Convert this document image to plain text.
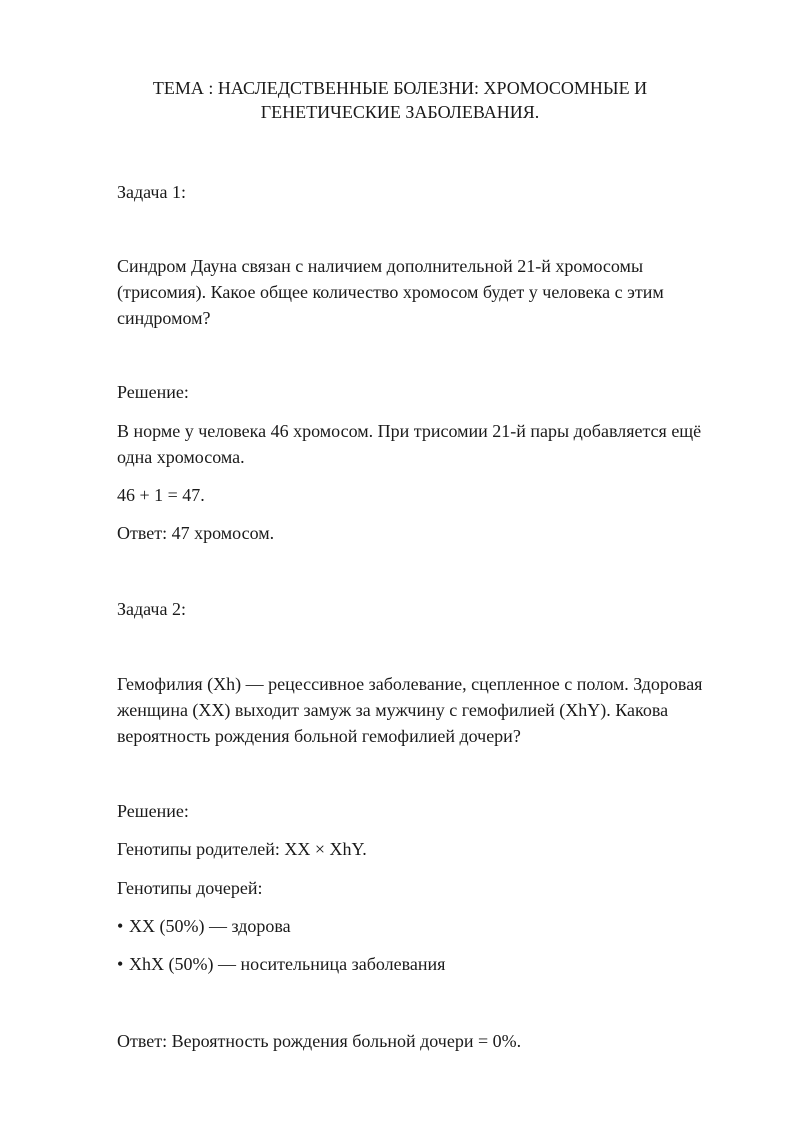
ТЕМА : НАСЛЕДСТВЕННЫЕ БОЛЕЗНИ: ХРОМОСОМНЫЕ И
ГЕНЕТИЧЕСКИЕ ЗАБОЛЕВАНИЯ.
Задача 1:
Синдром Дауна связан с наличием дополнительной 21-й хромосомы
(трисомия). Какое общее количество хромосом будет у человека с этим
синдромом?
Решение:
В норме у человека 46 хромосом. При трисомии 21-й пары добавляется ещё
одна хромосома.
46 + 1 = 47.
Ответ: 47 хромосом.
Задача 2:
Гемофилия (Xh) — рецессивное заболевание, сцепленное с полом. Здоровая
женщина (XX) выходит замуж за мужчину с гемофилией (XhY). Какова
вероятность рождения больной гемофилией дочери?
Решение:
Генотипы родителей: XX × XhY.
Генотипы дочерей:
• XX (50%) — здорова
• XhX (50%) — носительница заболевания
Ответ: Вероятность рождения больной дочери = 0%.
